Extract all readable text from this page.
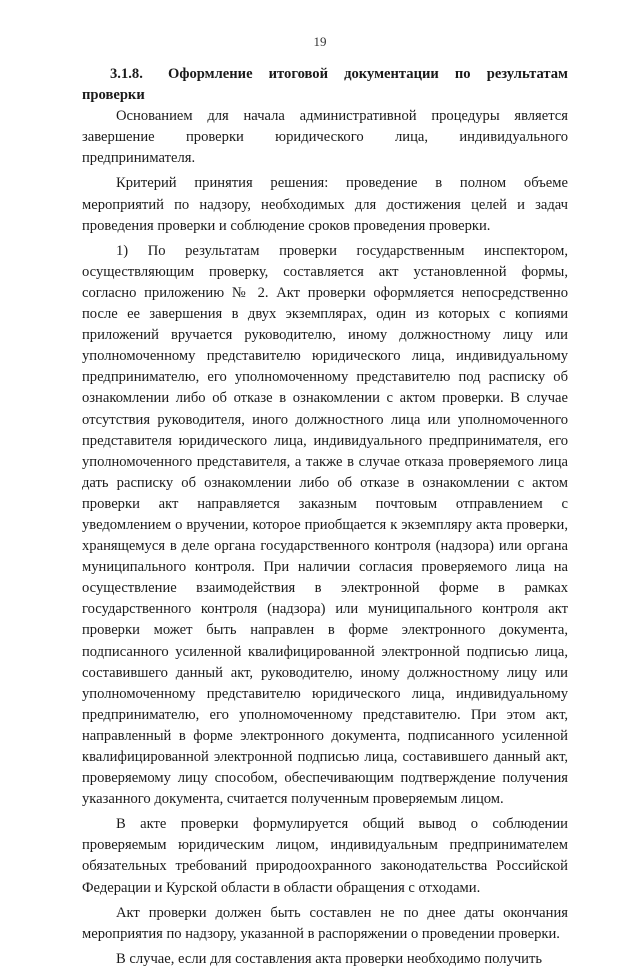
19

3.1.8. Оформление итоговой документации по результатам проверки

Основанием для начала административной процедуры является завершение проверки юридического лица, индивидуального предпринимателя.

Критерий принятия решения: проведение в полном объеме мероприятий по надзору, необходимых для достижения целей и задач проведения проверки и соблюдение сроков проведения проверки.

1) По результатам проверки государственным инспектором, осуществляющим проверку, составляется акт установленной формы, согласно приложению № 2. Акт проверки оформляется непосредственно после ее завершения в двух экземплярах, один из которых с копиями приложений вручается руководителю, иному должностному лицу или уполномоченному представителю юридического лица, индивидуальному предпринимателю, его уполномоченному представителю под расписку об ознакомлении либо об отказе в ознакомлении с актом проверки. В случае отсутствия руководителя, иного должностного лица или уполномоченного представителя юридического лица, индивидуального предпринимателя, его уполномоченного представителя, а также в случае отказа проверяемого лица дать расписку об ознакомлении либо об отказе в ознакомлении с актом проверки акт направляется заказным почтовым отправлением с уведомлением о вручении, которое приобщается к экземпляру акта проверки, хранящемуся в деле органа государственного контроля (надзора) или органа муниципального контроля. При наличии согласия проверяемого лица на осуществление взаимодействия в электронной форме в рамках государственного контроля (надзора) или муниципального контроля акт проверки может быть направлен в форме электронного документа, подписанного усиленной квалифицированной электронной подписью лица, составившего данный акт, руководителю, иному должностному лицу или уполномоченному представителю юридического лица, индивидуальному предпринимателю, его уполномоченному представителю. При этом акт, направленный в форме электронного документа, подписанного усиленной квалифицированной электронной подписью лица, составившего данный акт, проверяемому лицу способом, обеспечивающим подтверждение получения указанного документа, считается полученным проверяемым лицом.

В акте проверки формулируется общий вывод о соблюдении проверяемым юридическим лицом, индивидуальным предпринимателем обязательных требований природоохранного законодательства Российской Федерации и Курской области в области обращения с отходами.

Акт проверки должен быть составлен не по днее даты окончания мероприятия по надзору, указанной в распоряжении о проведении проверки.

В случае, если для составления акта проверки необходимо получить
